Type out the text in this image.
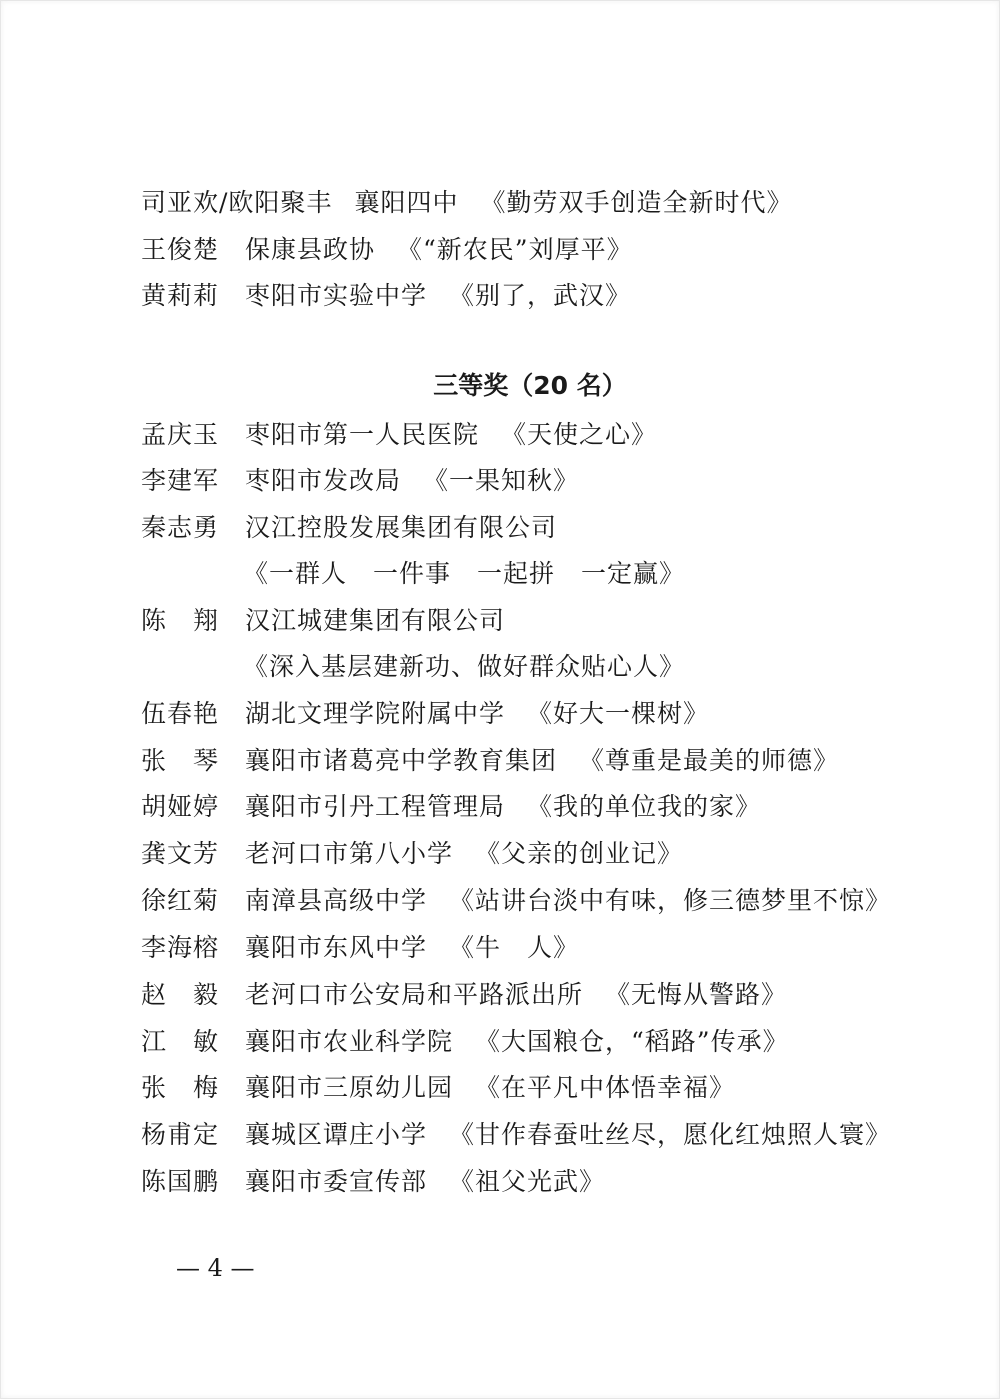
司亚欢/欧阳聚丰 襄阳四中 《勤劳双手创造全新时代》
王俊楚 保康县政协 《“新农民”刘厚平》
黄莉莉 枣阳市实验中学 《别了，武汉》
三等奖（20 名）
孟庆玉 枣阳市第一人民医院 《天使之心》
李建军 枣阳市发改局 《一果知秋》
秦志勇 汉江控股发展集团有限公司
《一群人　一件事　一起拼　一定赢》
陈　翔 汉江城建集团有限公司
《深入基层建新功、做好群众贴心人》
伍春艳 湖北文理学院附属中学 《好大一棵树》
张　琴 襄阳市诸葛亮中学教育集团 《尊重是最美的师德》
胡娅婷 襄阳市引丹工程管理局 《我的单位我的家》
龚文芳 老河口市第八小学 《父亲的创业记》
徐红菊 南漳县高级中学 《站讲台淡中有味，修三德梦里不惊》
李海榕 襄阳市东风中学 《牛　人》
赵　毅 老河口市公安局和平路派出所 《无悔从警路》
江　敏 襄阳市农业科学院 《大国粮仓，“稻路”传承》
张　梅 襄阳市三原幼儿园 《在平凡中体悟幸福》
杨甫定 襄城区谭庄小学 《甘作春蚕吐丝尽，愿化红烛照人寰》
陈国鹏 襄阳市委宣传部 《祖父光武》
— 4 —
